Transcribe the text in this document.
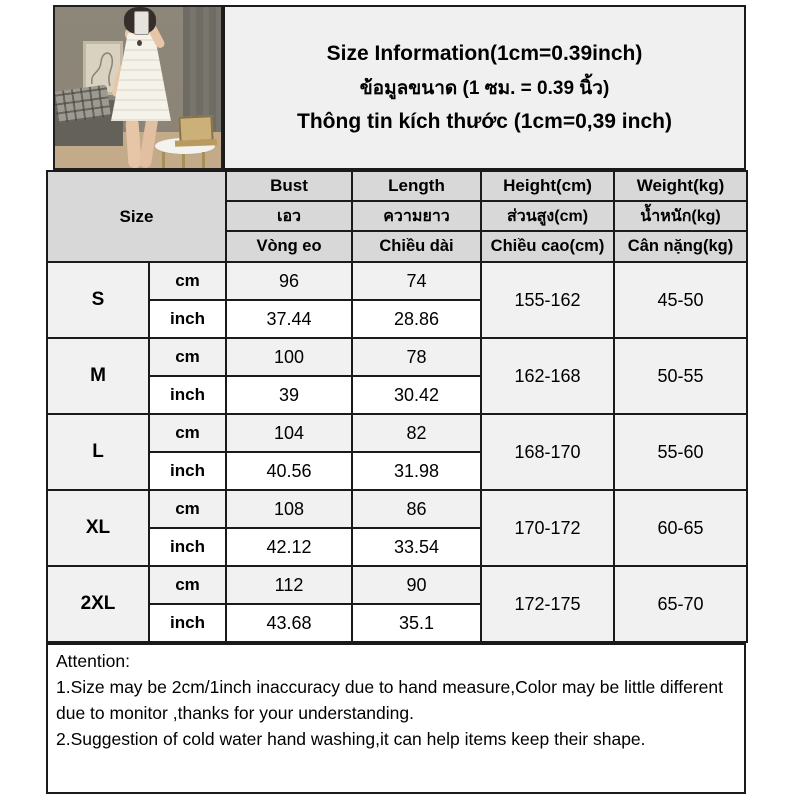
Size Information(1cm=0.39inch)
ข้อมูลขนาด (1 ซม. = 0.39 นิ้ว)
Thông tin kích thước (1cm=0,39 inch)
Size		Bust	Length	Height(cm)	Weight(kg)
		เอว	ความยาว	ส่วนสูง(cm)	น้ำหนัก(kg)
		Vòng eo	Chiều dài	Chiều cao(cm)	Cân nặng(kg)
S	cm	96	74	155-162	45-50
	inch	37.44	28.86		
M	cm	100	78	162-168	50-55
	inch	39	30.42		
L	cm	104	82	168-170	55-60
	inch	40.56	31.98		
XL	cm	108	86	170-172	60-65
	inch	42.12	33.54		
2XL	cm	112	90	172-175	65-70
	inch	43.68	35.1		
Attention:
1.Size may be 2cm/1inch inaccuracy due to hand measure,Color may be little different due to monitor ,thanks for your understanding.
2.Suggestion of cold water hand washing,it can help items keep their shape.
